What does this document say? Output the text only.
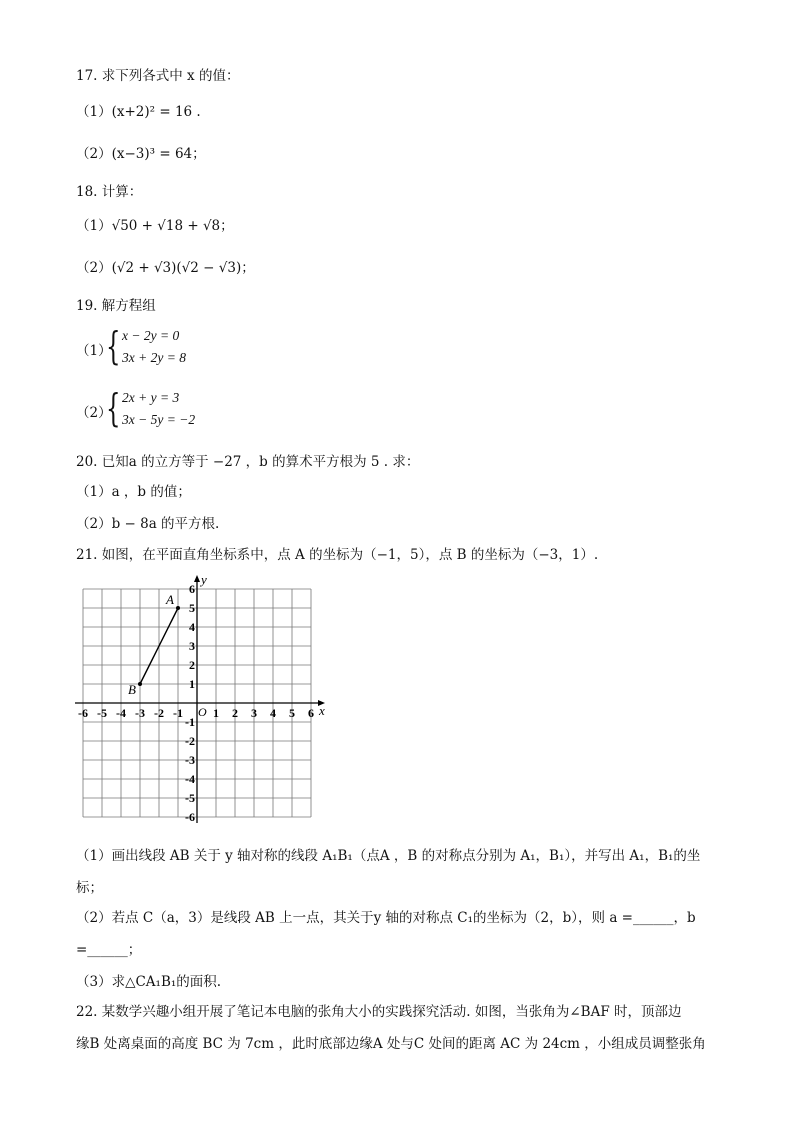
17. 求下列各式中 x 的值：
（1）(x+2)² = 16 .
（2）(x−3)³ = 64；
18. 计算：
（1）√50 + √18 + √8；
（2）(√2 + √3)(√2 − √3)；
19. 解方程组
（1）
{ x − 2y = 0
3x + 2y = 8
（2）
{ 2x + y = 3
3x − 5y = −2
20. 已知a 的立方等于 −27 ，b 的算术平方根为 5 . 求：
（1）a ，b 的值；
（2）b − 8a 的平方根.
21. 如图，在平面直角坐标系中，点 A 的坐标为（−1，5），点 B 的坐标为（−3，1）.
x
y
O
-6 -5 -4 -3 -2 -1	1 2 3 4 5 6
6
5
4
3
2
1
-1
-2
-3
-4
-5
-6
A
B
（1）画出线段 AB 关于 y 轴对称的线段 A₁B₁（点A ，B 的对称点分别为 A₁，B₁），并写出 A₁，B₁的坐
标；
（2）若点 C（a，3）是线段 AB 上一点，其关于y 轴的对称点 C₁的坐标为（2，b），则 a =______，b
=______；
（3）求△CA₁B₁的面积.
22. 某数学兴趣小组开展了笔记本电脑的张角大小的实践探究活动. 如图，当张角为∠BAF 时，顶部边
缘B 处离桌面的高度 BC 为 7cm ，此时底部边缘A 处与C 处间的距离 AC 为 24cm ，小组成员调整张角
